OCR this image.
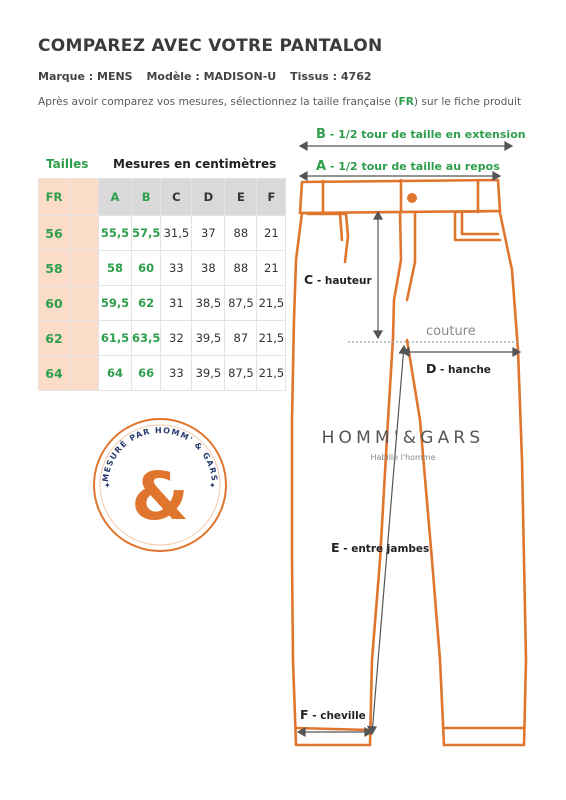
COMPAREZ AVEC VOTRE PANTALON
Marque : MENS Modèle : MADISON-U Tissus : 4762
Après avoir comparez vos mesures, sélectionnez la taille française (FR) sur le fiche produit
Tailles Mesures en centimètres
FR		A	B	C	D	E	F
56		55,5	57,5	31,5	37	88	21
58		58	60	33	38	88	21
60		59,5	62	31	38,5	87,5	21,5
62		61,5	63,5	32	39,5	87	21,5
64		64	66	33	39,5	87,5	21,5
MESURÉ PAR HOMM' & GARS
✦	✦
&
B - 1/2 tour de taille en extension
A - 1/2 tour de taille au repos
C - hauteur
couture
D - hanche
E - entre jambes
F - cheville
HOMM'&GARS
Habille l'homme
